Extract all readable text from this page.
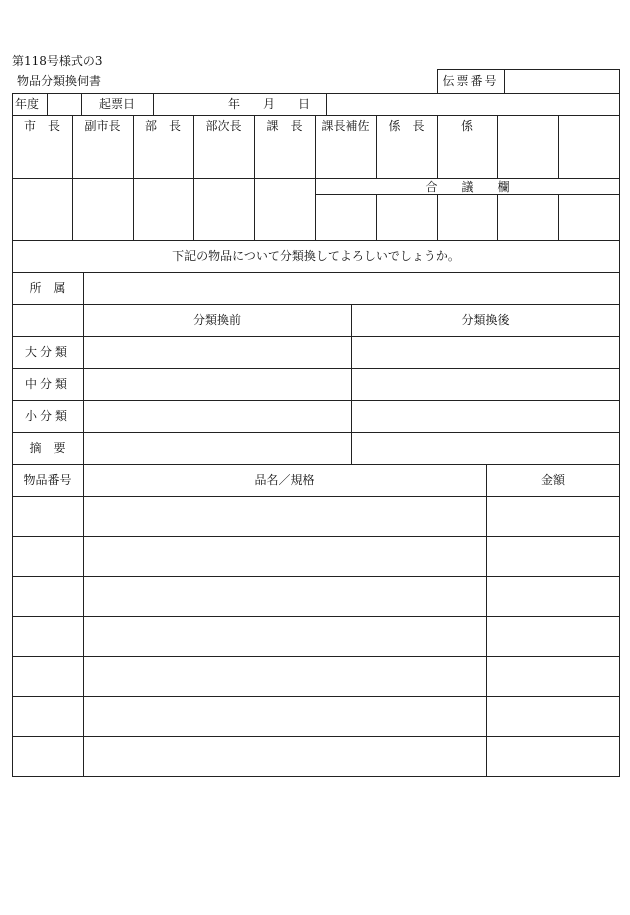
第118号様式の3
物品分類換伺書	伝票番号
年度	起票日	年 月 日
市　長	副市長	部　長	部次長	課　長	課長補佐	係　長	係
合　　議　　欄
下記の物品について分類換してよろしいでしょうか。
所　属
分類換前	分類換後
大分類
中分類
小分類
摘　要
物品番号	品名／規格	金額
